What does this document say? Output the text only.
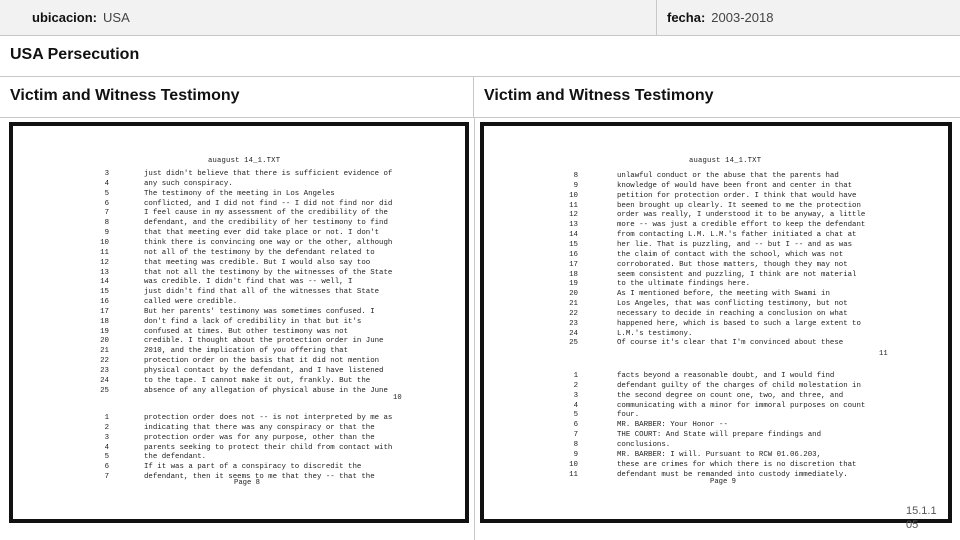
ubicacion: USA	fecha: 2003-2018
USA Persecution
Victim and Witness Testimony	Victim and Witness Testimony
auagust 14_1.TXT
10
Page 8
3	just didn't believe that there is sufficient evidence of
4	any such conspiracy.
5	The testimony of the meeting in Los Angeles
6	conflicted, and I did not find -- I did not find nor did
7	I feel cause in my assessment of the credibility of the
8	defendant, and the credibility of her testimony to find
9	that that meeting ever did take place or not. I don't
10	think there is convincing one way or the other, although
11	not all of the testimony by the defendant related to
12	that meeting was credible. But I would also say too
13	that not all the testimony by the witnesses of the State
14	was credible. I didn't find that was -- well, I
15	just didn't find that all of the witnesses that State
16	called were credible.
17	But her parents' testimony was sometimes confused. I
18	don't find a lack of credibility in that but it's
19	confused at times. But other testimony was not
20	credible. I thought about the protection order in June
21	2010, and the implication of you offering that
22	protection order on the basis that it did not mention
23	physical contact by the defendant, and I have listened
24	to the tape. I cannot make it out, frankly. But the
25	absence of any allegation of physical abuse in the June
1	protection order does not -- is not interpreted by me as
2	indicating that there was any conspiracy or that the
3	protection order was for any purpose, other than the
4	parents seeking to protect their child from contact with
5	the defendant.
6	If it was a part of a conspiracy to discredit the
7	defendant, then it seems to me that they -- that the
auagust 14_1.TXT
11
Page 9
8	unlawful conduct or the abuse that the parents had
9	knowledge of would have been front and center in that
10	petition for protection order. I think that would have
11	been brought up clearly. It seemed to me the protection
12	order was really, I understood it to be anyway, a little
13	more -- was just a credible effort to keep the defendant
14	from contacting L.M. L.M.'s father initiated a chat at
15	her lie. That is puzzling, and -- but I -- and as was
16	the claim of contact with the school, which was not
17	corroborated. But those matters, though they may not
18	seem consistent and puzzling, I think are not material
19	to the ultimate findings here.
20	As I mentioned before, the meeting with Swami in
21	Los Angeles, that was conflicting testimony, but not
22	necessary to decide in reaching a conclusion on what
23	happened here, which is based to such a large extent to
24	L.M.'s testimony.
25	Of course it's clear that I'm convinced about these
1	facts beyond a reasonable doubt, and I would find
2	defendant guilty of the charges of child molestation in
3	the second degree on count one, two, and three, and
4	communicating with a minor for immoral purposes on count
5	four.
6	MR. BARBER: Your Honor --
7	THE COURT: And State will prepare findings and
8	conclusions.
9	MR. BARBER: I will. Pursuant to RCW 01.06.203,
10	these are crimes for which there is no discretion that
11	defendant must be remanded into custody immediately.
15.1.1
05
